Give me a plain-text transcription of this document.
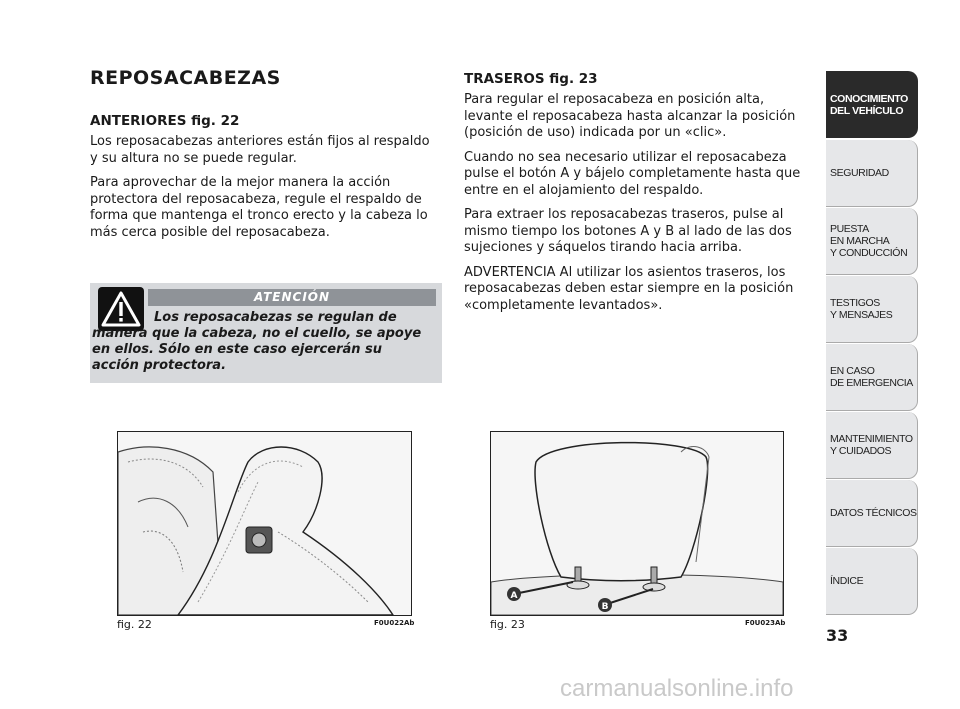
REPOSACABEZAS
ANTERIORES fig. 22

Los reposacabezas anteriores están fijos al respaldo y su altura no se puede regular.

Para aprovechar de la mejor manera la acción protectora del reposacabeza, regule el respaldo de forma que mantenga el tronco erecto y la cabeza lo más cerca posible del reposacabeza.

ATENCIÓN
Los reposacabezas se regulan de manera que la cabeza, no el cuello, se apoye en ellos. Sólo en este caso ejercerán su acción protectora.
TRASEROS fig. 23

Para regular el reposacabeza en posición alta, levante el reposacabeza hasta alcanzar la posición (posición de uso) indicada por un «clic».

Cuando no sea necesario utilizar el reposacabeza pulse el botón A y bájelo completamente hasta que entre en el alojamiento del respaldo.

Para extraer los reposacabezas traseros, pulse al mismo tiempo los botones A y B al lado de las dos sujeciones y sáquelos tirando hacia arriba.

ADVERTENCIA Al utilizar los asientos traseros, los reposacabezas deben estar siempre en la posición «completamente levantados».

fig. 22	F0U022Ab
A
B
fig. 23	F0U023Ab
CONOCIMIENTO
DEL VEHÍCULO
SEGURIDAD
PUESTA
EN MARCHA
Y CONDUCCIÓN
TESTIGOS
Y MENSAJES
EN CASO
DE EMERGENCIA
MANTENIMIENTO
Y CUIDADOS
DATOS TÉCNICOS
ÍNDICE
33
carmanualsonline.info
